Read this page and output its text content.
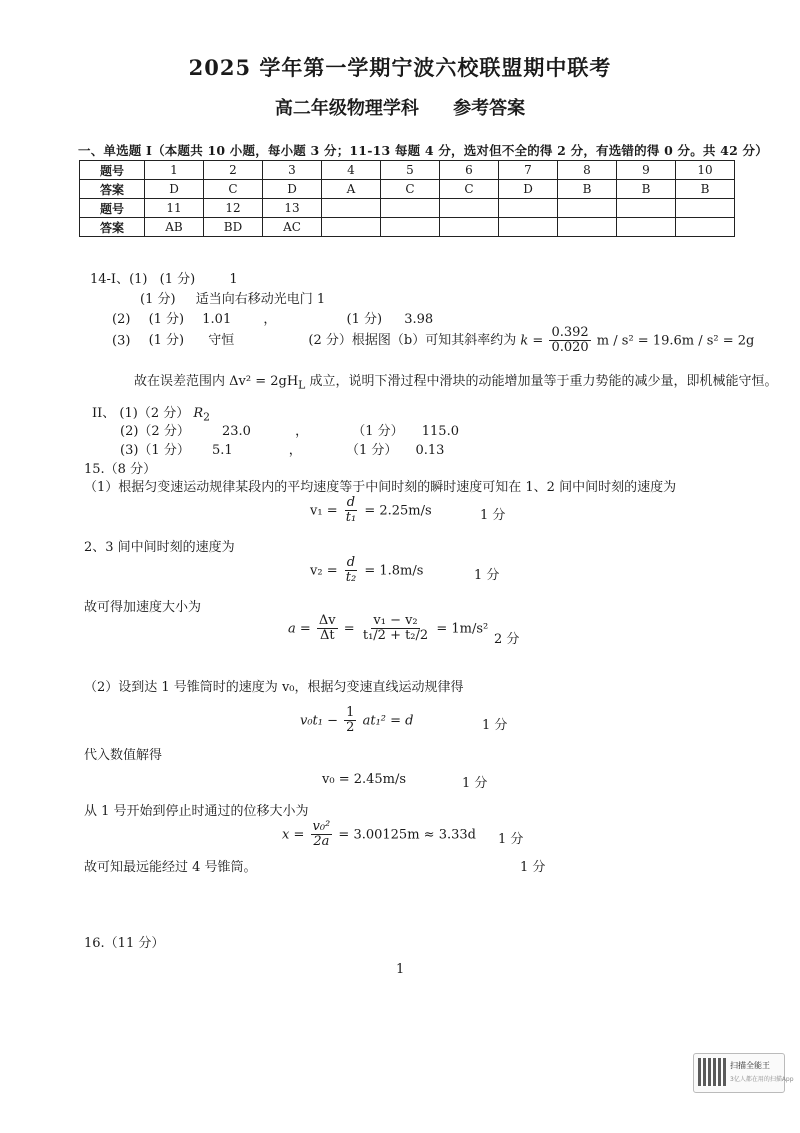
2025 学年第一学期宁波六校联盟期中联考
高二年级物理学科 参考答案
一、单选题 I（本题共 10 小题，每小题 3 分；11-13 每题 4 分，选对但不全的得 2 分，有选错的得 0 分。共 42 分）
题号	1	2	3	4	5	6	7	8	9	10
答案	D	C	D	A	C	C	D	B	B	B
题号	11	12	13							
答案	AB	BD	AC							
14-I、(1) (1 分)	1
(1 分) 适当向右移动光电门 1
(2) (1 分) 1.01 ，	(1 分) 3.98
(3) (1 分) 守恒	(2 分）根据图（b）可知其斜率约为 $k = \frac{0.392}{0.020}$ m / s² = 19.6m / s² = 2g
故在误差范围内 $\Delta v^2 = 2gH_L$ 成立，说明下滑过程中滑块的动能增加量等于重力势能的减少量，即机械能守恒。
II、 (1)（2 分） $R_2$
(2)（2 分） 23.0	，	（1 分） 115.0
(3)（1 分） 5.1	，	（1 分） 0.13
15.（8 分）
（1）根据匀变速运动规律某段内的平均速度等于中间时刻的瞬时速度可知在 1、2 间中间时刻的速度为
$v_1 = \frac{d}{\text{t₁}} = 2.25m/s$	1 分
2、3 间中间时刻的速度为
$v_2 = \frac{d}{\text{t₂}} = 1.8m/s$	1 分
故可得加速度大小为
$a = \frac{\Delta v}{\Delta t} = \frac{\text{v₁ − v₂}}{\text{t₁/2 + t₂/2}} = 1m/s^2$
2 分
（2）设到达 1 号锥筒时的速度为 v₀，根据匀变速直线运动规律得
$v_0t_1 - \frac{1}{2} at_1^2 = d$	1 分
代入数值解得
v₀ = 2.45m/s	1 分
从 1 号开始到停止时通过的位移大小为
$x = \frac{\text{v₀²}}{2a} = 3.00125m \approx 3.33d$ 1 分
故可知最远能经过 4 号锥筒。	1 分
16.（11 分）
1
扫描全能王
3亿人都在用的扫描App
